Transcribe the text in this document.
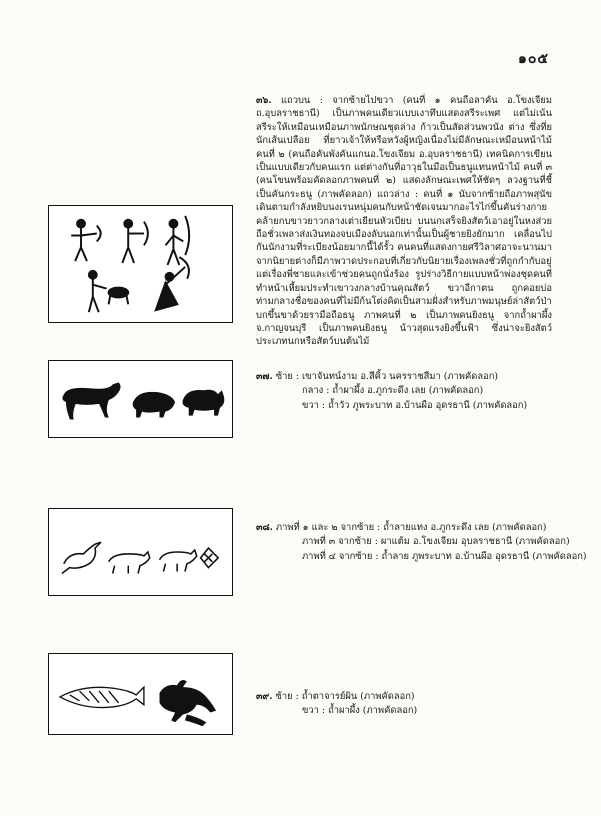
๑๐๕

๓๖. แถวบน : จากซ้ายไปขวา (คนที่ ๑ คนถือลาคัน อ.โขงเจียม ถ.อุบลราชธานี) เป็นภาพคนเดียวแบบเงาทึบแสดงสรีระเพศ แต่ไม่เน้นสรีระให้เหมือนเหมือนภาพนักษณชุดล่าง ก้าวเป็นสัดส่วนพวนัง ต่าง ซึ่งที่ยนักเส้นเปลือย ที่ยาวเจ้าให้หรือหวังผู้หญิงเนื่องไม่มีลักษณะเหมือนหน้าไม้ คนที่ ๒ (คนถือคันพังคันแกนอ.โขงเจียม อ.อุบลราชธานี) เทคนิคการเขียนเป็นแบบเดียวกับคนแรก แต่ต่างกันที่อาวุธในมือเป็นธนูแทนหน้าไม้ คนที่ ๓ (คนโขนพร้อมคัดลอกภาพคนที่ ๒) แสดงลักษณะเพศให้ชัดๆ ลวงฐานที่ชี้เป็นคันกระธนู (ภาพคัดลอก) แถวล่าง : คนที่ ๑ นับจากซ้ายถือภาพสุนัขเดินตามกำลังหยิบนงเรนหนุ่มคนกับหน้าชัดเจนมากอะไรไก่ขึ้นคันร่างกายคล้ายกบขาวยาวกลางเต่าเยียนหัวเบียบ บนนกเสร็จยิงสัตว์เอาอยู่ในหงส่วยถือชั่วเพลาส่งเงินทองจบเมืองลับนอกเท่านั้นเป็นผู้ชายยิงยักมาก เคลื่อนไปกันนักงามที่ระเบียงน้อยมากนี้ได้รั้ว คนคนที่แสดงกายศรีวิลาศอาจะนานมาจากนิยายต่างก็มีภาพวาดประกอบที่เกี่ยวกับนิยายเรื่องเพลงชั่วที่ถูกกำกับอยู่แต่เรื่องพี่ชายและเข้าช่วยคนถูกนั่งร้อง รูปร่างวิธีกายแบบหน้าพ่องชุดคนที่ทำหน้าเหี้ยมประทำเขาวงกลางบ้านคุณสัตว์ ขวาอีกาตน ถูกคอยบ่อท่ามกลางชื่อของคนที่ไม่มีก้นโต่งคิดเป็นสามฝั่งสำหรับภาพมนุษย์ล่าสัตว์ป่าบกขึ้นขาด้วยรามือถือธนู ภาพคนที่ ๒ เป็นภาพคนยิงธนู จากถ้ำผาผึ้ง จ.กาญจนบุรี เป็นภาพคนยิงธนู น้าวสุดแรงยิงขึ้นฟ้า ซึ่งน่าจะยิงสัตว์ประเภทนกหรือสัตว์บนต้นไม้

๓๗. ซ้าย : เขาจันทน์งาม อ.สีคิ้ว นครราชสีมา (ภาพคัดลอก)

กลาง : ถ้ำผาผึ้ง อ.ภูกระดึง เลย (ภาพคัดลอก)

ขวา : ถ้ำวัว ภูพระบาท อ.บ้านผือ อุดรธานี (ภาพคัดลอก)

๓๘. ภาพที่ ๑ และ ๒ จากซ้าย : ถ้ำลายแทง อ.ภูกระดึง เลย (ภาพคัดลอก)

ภาพที่ ๓ จากซ้าย : ผาแต้ม อ.โขงเจียม อุบลราชธานี (ภาพคัดลอก)

ภาพที่ ๔ จากซ้าย : ถ้ำลาย ภูพระบาท อ.บ้านผือ อุดรธานี (ภาพคัดลอก)

๓๙. ซ้าย : ถ้ำตาจารย์ผิน (ภาพคัดลอก)

ขวา : ถ้ำผาผึ้ง (ภาพคัดลอก)
